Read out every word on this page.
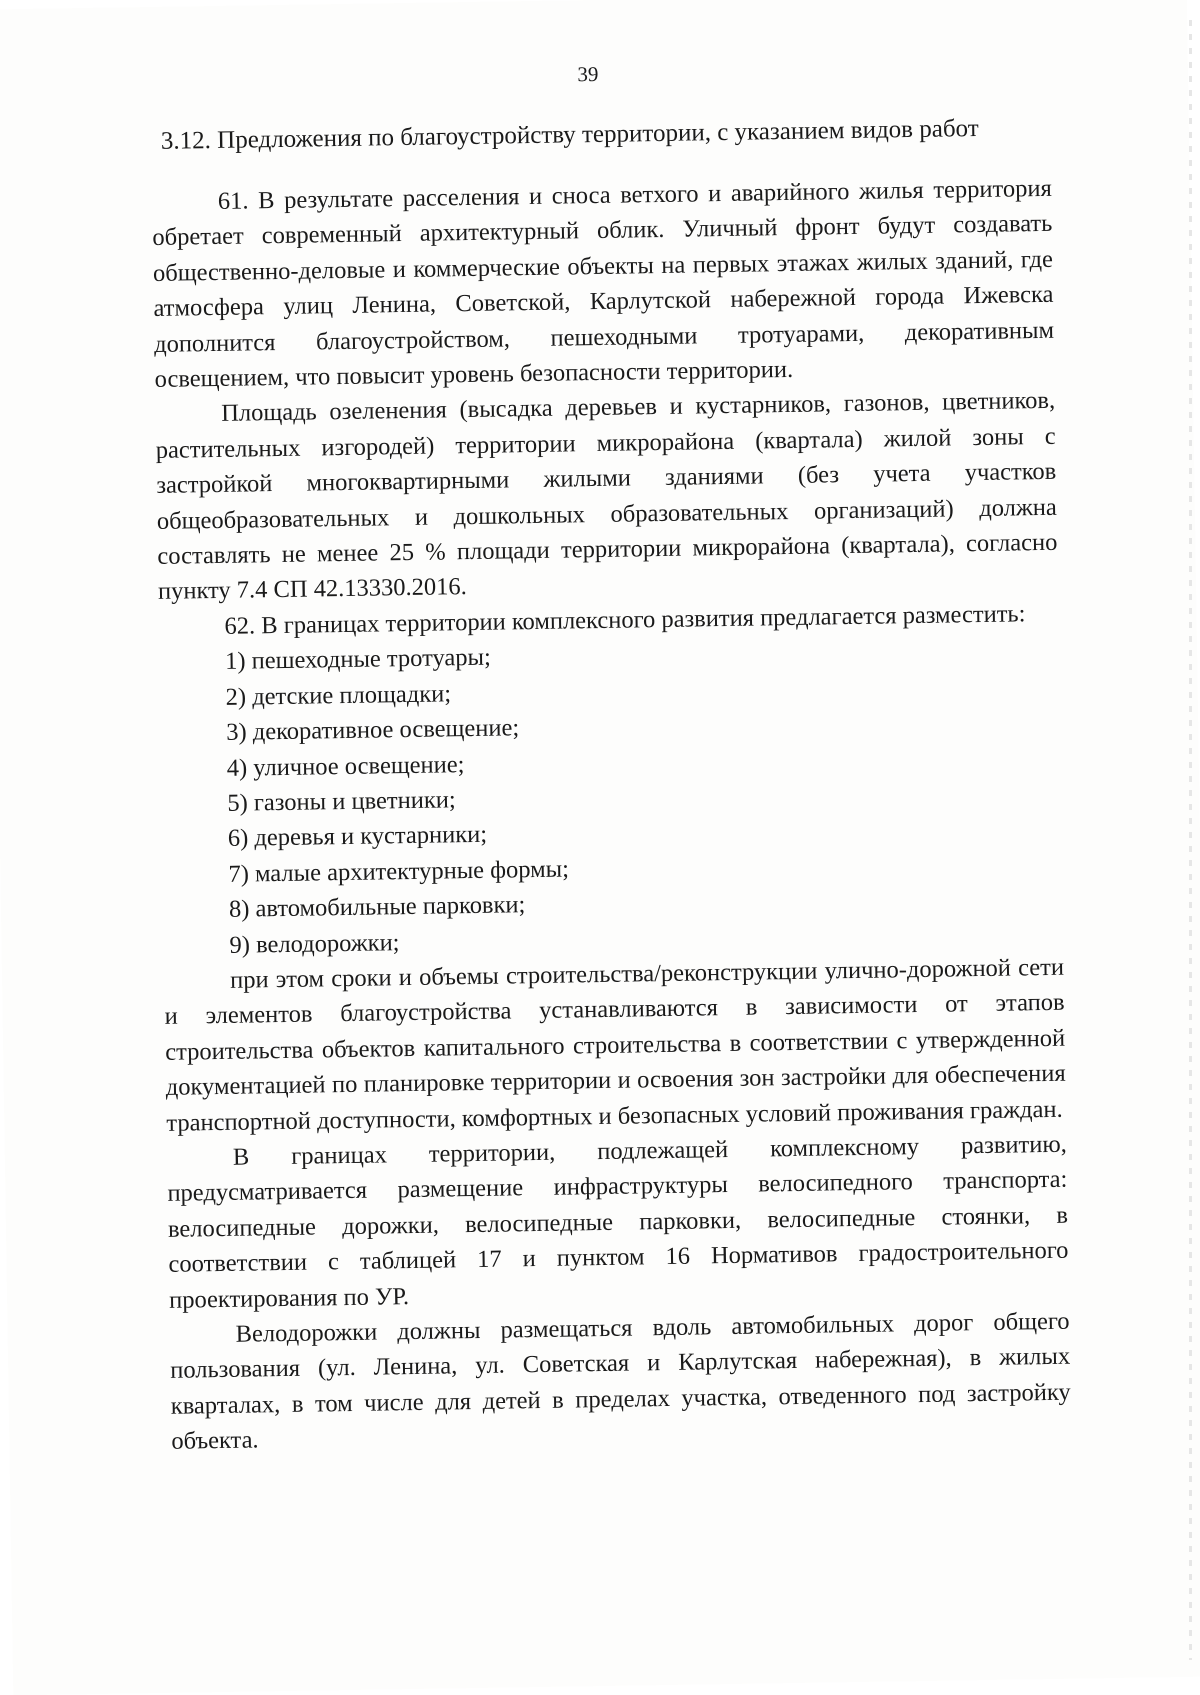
39
3.12. Предложения по благоустройству территории, с указанием видов работ

61. В результате расселения и сноса ветхого и аварийного жилья территория обретает современный архитектурный облик. Уличный фронт будут создавать общественно-деловые и коммерческие объекты на первых этажах жилых зданий, где атмосфера улиц Ленина, Советской, Карлутской набережной города Ижевска дополнится благоустройством, пешеходными тротуарами, декоративным освещением, что повысит уровень безопасности территории.

Площадь озеленения (высадка деревьев и кустарников, газонов, цветников, растительных изгородей) территории микрорайона (квартала) жилой зоны с застройкой многоквартирными жилыми зданиями (без учета участков общеобразовательных и дошкольных образовательных организаций) должна составлять не менее 25 % площади территории микрорайона (квартала), согласно пункту 7.4 СП 42.13330.2016.

62. В границах территории комплексного развития предлагается разместить:

1) пешеходные тротуары;
2) детские площадки;
3) декоративное освещение;
4) уличное освещение;
5) газоны и цветники;
6) деревья и кустарники;
7) малые архитектурные формы;
8) автомобильные парковки;
9) велодорожки;

при этом сроки и объемы строительства/реконструкции улично-дорожной сети и элементов благоустройства устанавливаются в зависимости от этапов строительства объектов капитального строительства в соответствии с утвержденной документацией по планировке территории и освоения зон застройки для обеспечения транспортной доступности, комфортных и безопасных условий проживания граждан.

В границах территории, подлежащей комплексному развитию, предусматривается размещение инфраструктуры велосипедного транспорта: велосипедные дорожки, велосипедные парковки, велосипедные стоянки, в соответствии с таблицей 17 и пунктом 16 Нормативов градостроительного проектирования по УР.

Велодорожки должны размещаться вдоль автомобильных дорог общего пользования (ул. Ленина, ул. Советская и Карлутская набережная), в жилых кварталах, в том числе для детей в пределах участка, отведенного под застройку объекта.
